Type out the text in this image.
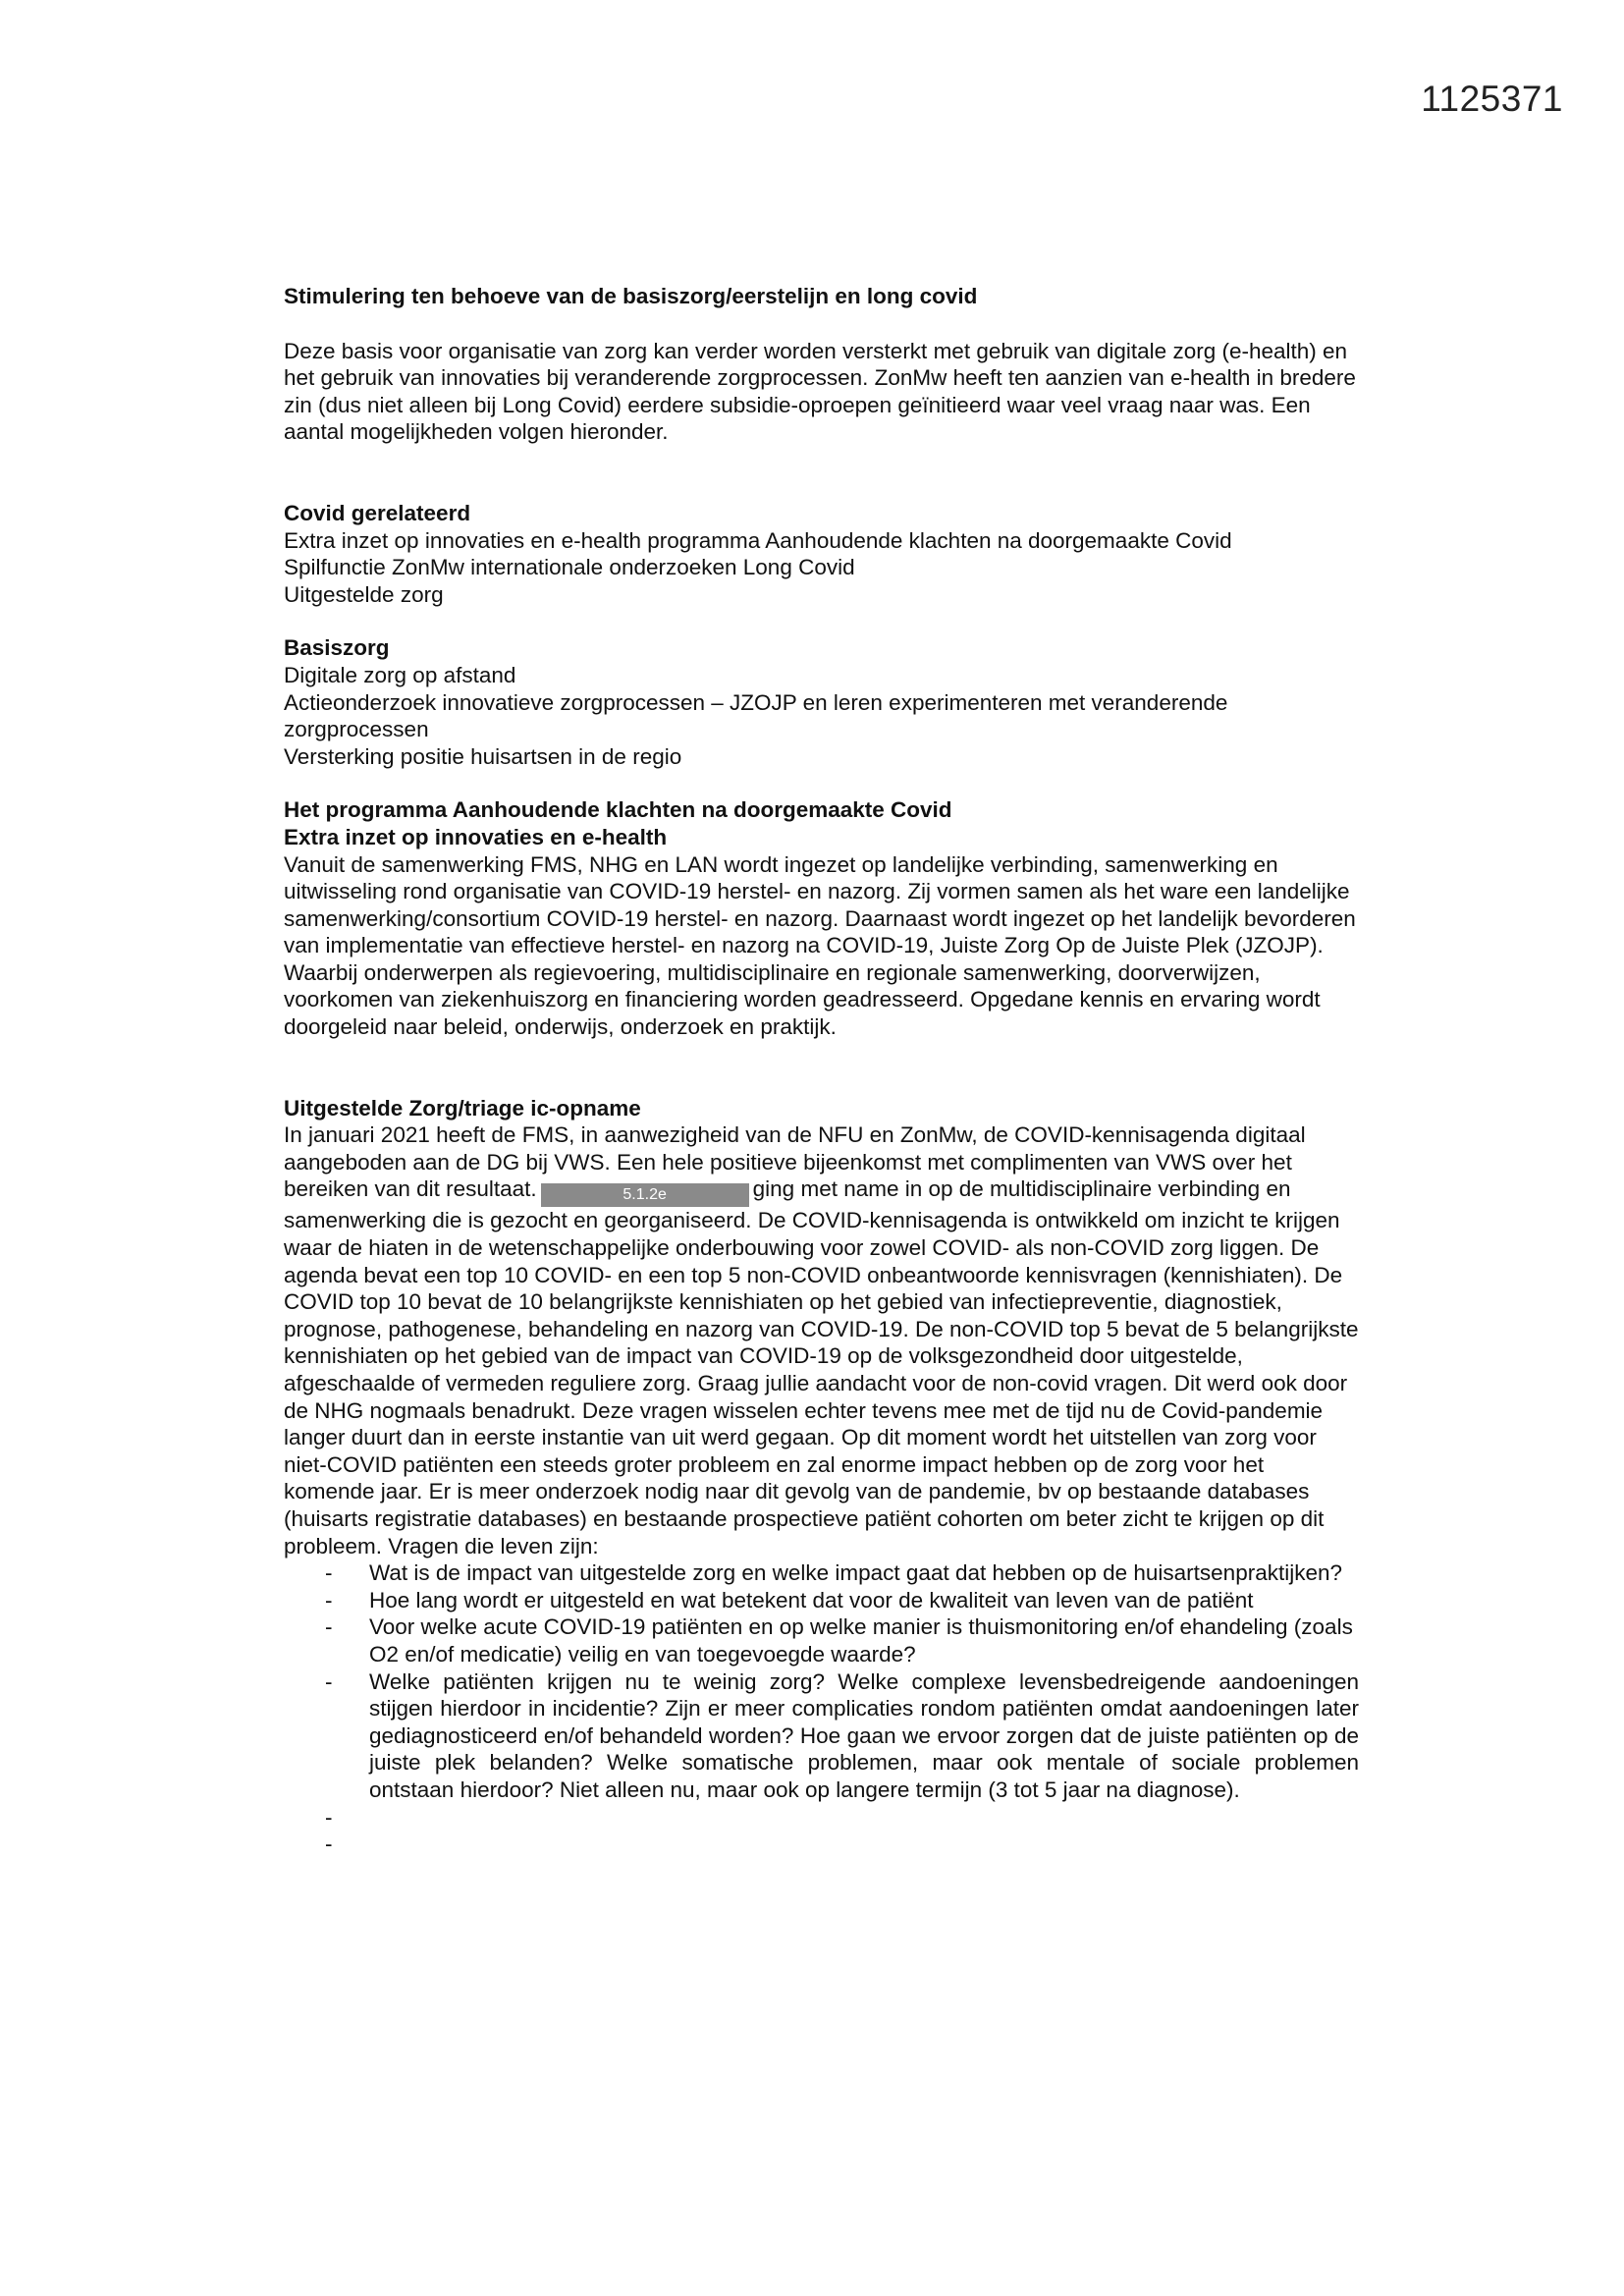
1125371

Stimulering ten behoeve van de basiszorg/eerstelijn en long covid

Deze basis voor organisatie van zorg kan verder worden versterkt met gebruik van digitale zorg (e-health) en het gebruik van innovaties bij veranderende zorgprocessen. ZonMw heeft ten aanzien van e-health in bredere zin (dus niet alleen bij Long Covid) eerdere subsidie-oproepen geïnitieerd waar veel vraag naar was. Een aantal mogelijkheden volgen hieronder.

Covid gerelateerd

Extra inzet op innovaties en e-health programma Aanhoudende klachten na doorgemaakte Covid

Spilfunctie ZonMw internationale onderzoeken Long Covid

Uitgestelde zorg

Basiszorg

Digitale zorg op afstand

Actieonderzoek innovatieve zorgprocessen – JZOJP en leren experimenteren met veranderende zorgprocessen

Versterking positie huisartsen in de regio

Het programma Aanhoudende klachten na doorgemaakte Covid

Extra inzet op innovaties en e-health

Vanuit de samenwerking FMS, NHG en LAN wordt ingezet op landelijke verbinding, samenwerking en uitwisseling rond organisatie van COVID-19 herstel- en nazorg. Zij vormen samen als het ware een landelijke samenwerking/consortium COVID-19 herstel- en nazorg. Daarnaast wordt ingezet op het landelijk bevorderen van implementatie van effectieve herstel- en nazorg na COVID-19, Juiste Zorg Op de Juiste Plek (JZOJP). Waarbij onderwerpen als regievoering, multidisciplinaire en regionale samenwerking, doorverwijzen, voorkomen van ziekenhuiszorg en financiering worden geadresseerd. Opgedane kennis en ervaring wordt doorgeleid naar beleid, onderwijs, onderzoek en praktijk.

Uitgestelde Zorg/triage ic-opname

In januari 2021 heeft de FMS, in aanwezigheid van de NFU en ZonMw, de COVID-kennisagenda digitaal aangeboden aan de DG bij VWS. Een hele positieve bijeenkomst met complimenten van VWS over het bereiken van dit resultaat.	5.1.2e	ging met name in op de multidisciplinaire verbinding en samenwerking die is gezocht en georganiseerd. De COVID-kennisagenda is ontwikkeld om inzicht te krijgen waar de hiaten in de wetenschappelijke onderbouwing voor zowel COVID- als non-COVID zorg liggen. De agenda bevat een top 10 COVID- en een top 5 non-COVID onbeantwoorde kennisvragen (kennishiaten). De COVID top 10 bevat de 10 belangrijkste kennishiaten op het gebied van infectiepreventie, diagnostiek, prognose, pathogenese, behandeling en nazorg van COVID-19. De non-COVID top 5 bevat de 5 belangrijkste kennishiaten op het gebied van de impact van COVID-19 op de volksgezondheid door uitgestelde, afgeschaalde of vermeden reguliere zorg. Graag jullie aandacht voor de non-covid vragen. Dit werd ook door de NHG nogmaals benadrukt. Deze vragen wisselen echter tevens mee met de tijd nu de Covid-pandemie langer duurt dan in eerste instantie van uit werd gegaan. Op dit moment wordt het uitstellen van zorg voor niet-COVID patiënten een steeds groter probleem en zal enorme impact hebben op de zorg voor het komende jaar. Er is meer onderzoek nodig naar dit gevolg van de pandemie, bv op bestaande databases (huisarts registratie databases) en bestaande prospectieve patiënt cohorten om beter zicht te krijgen op dit probleem. Vragen die leven zijn:

- Wat is de impact van uitgestelde zorg en welke impact gaat dat hebben op de huisartsenpraktijken?
- Hoe lang wordt er uitgesteld en wat betekent dat voor de kwaliteit van leven van de patiënt
- Voor welke acute COVID-19 patiënten en op welke manier is thuismonitoring en/of ehandeling (zoals O2 en/of medicatie) veilig en van toegevoegde waarde?
- Welke patiënten krijgen nu te weinig zorg? Welke complexe levensbedreigende aandoeningen stijgen hierdoor in incidentie? Zijn er meer complicaties rondom patiënten omdat aandoeningen later gediagnosticeerd en/of behandeld worden? Hoe gaan we ervoor zorgen dat de juiste patiënten op de juiste plek belanden? Welke somatische problemen, maar ook mentale of sociale problemen ontstaan hierdoor? Niet alleen nu, maar ook op langere termijn (3 tot 5 jaar na diagnose).
-
-
